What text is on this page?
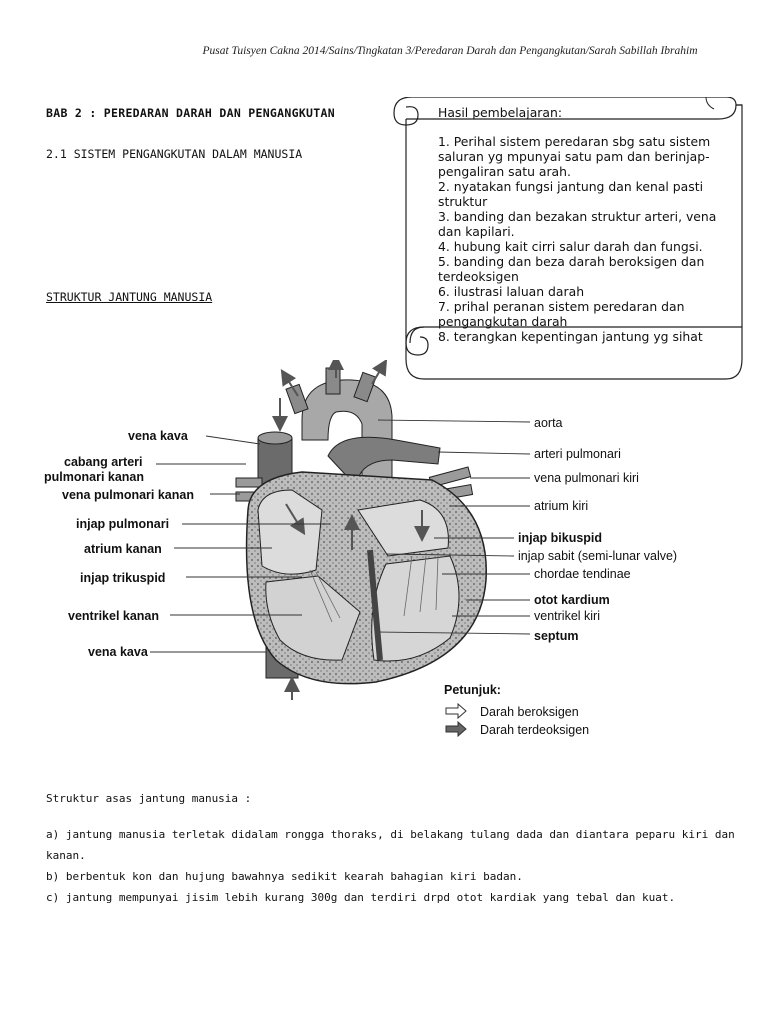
Pusat Tuisyen Cakna 2014/Sains/Tingkatan 3/Peredaran Darah dan Pengangkutan/Sarah Sabillah Ibrahim
BAB 2 : PEREDARAN DARAH DAN PENGANGKUTAN
2.1 SISTEM PENGANGKUTAN DALAM MANUSIA
STRUKTUR JANTUNG MANUSIA
Hasil pembelajaran:
1. Perihal sistem peredaran sbg satu sistem saluran yg mpunyai satu pam dan berinjap-pengaliran satu arah.
2. nyatakan fungsi jantung dan kenal pasti struktur
3. banding dan bezakan struktur arteri, vena dan kapilari.
4. hubung kait cirri salur darah dan fungsi.
5. banding dan beza darah beroksigen dan terdeoksigen
6. ilustrasi laluan darah
7. prihal peranan sistem peredaran dan pengangkutan darah
8. terangkan kepentingan jantung yg sihat
vena kava
cabang arteri
pulmonari kanan
vena pulmonari kanan
injap pulmonari
atrium kanan
injap trikuspid
ventrikel kanan
vena kava
aorta
arteri pulmonari
vena pulmonari kiri
atrium kiri
injap bikuspid
injap sabit (semi-lunar valve)
chordae tendinae
otot kardium
ventrikel kiri
septum
Petunjuk:
Darah beroksigen
Darah terdeoksigen
Struktur asas jantung manusia :
a) jantung manusia terletak didalam rongga thoraks, di belakang tulang dada dan diantara peparu kiri dan kanan.
b) berbentuk kon dan hujung bawahnya sedikit kearah bahagian kiri badan.
c) jantung mempunyai jisim lebih kurang 300g dan terdiri drpd otot kardiak yang tebal dan kuat.
